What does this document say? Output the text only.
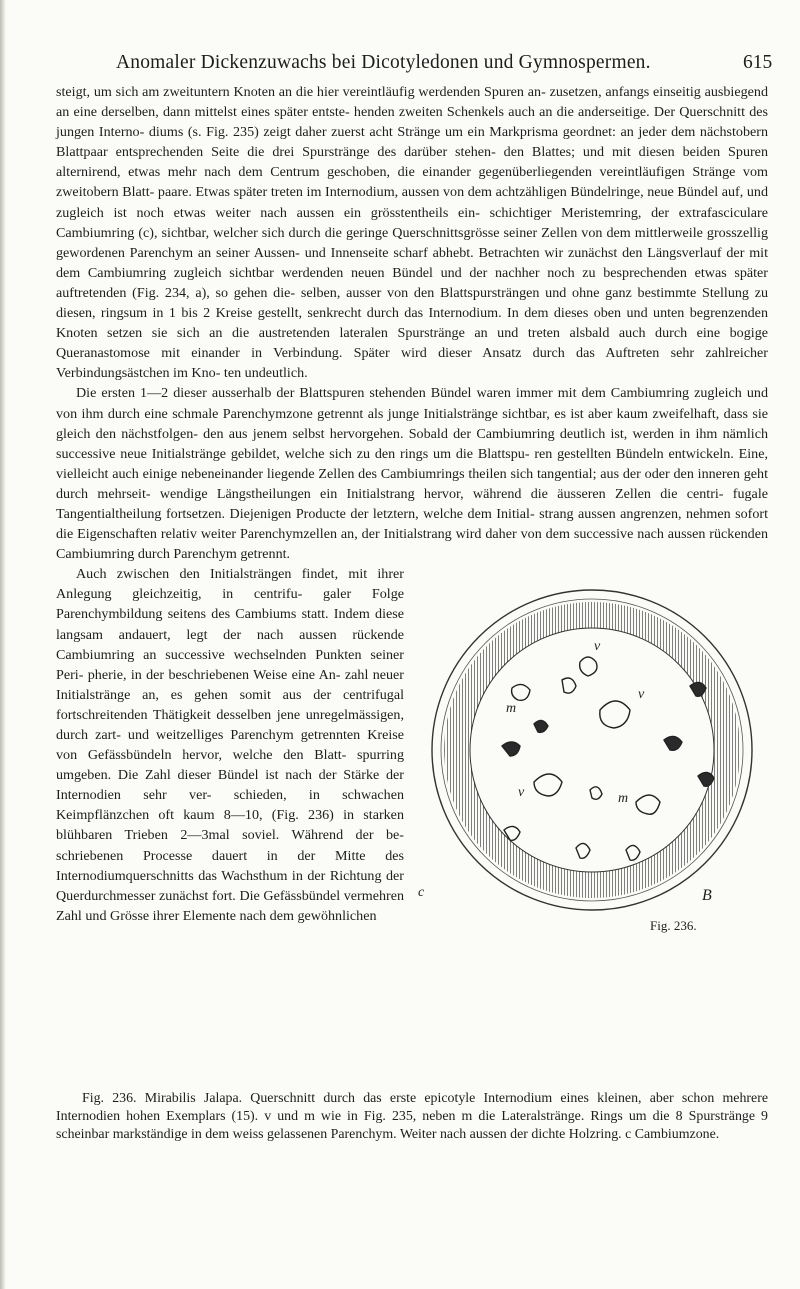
Anomaler Dickenzuwachs bei Dicotyledonen und Gymnospermen.	615

steigt, um sich am zweituntern Knoten an die hier vereintläufig werdenden Spuren an- zusetzen, anfangs einseitig ausbiegend an eine derselben, dann mittelst eines später entste- henden zweiten Schenkels auch an die anderseitige. Der Querschnitt des jungen Interno- diums (s. Fig. 235) zeigt daher zuerst acht Stränge um ein Markprisma geordnet: an jeder dem nächstobern Blattpaar entsprechenden Seite die drei Spurstränge des darüber stehen- den Blattes; und mit diesen beiden Spuren alternirend, etwas mehr nach dem Centrum geschoben, die einander gegenüberliegenden vereintläufigen Stränge vom zweitobern Blatt- paare. Etwas später treten im Internodium, aussen von dem achtzähligen Bündelringe, neue Bündel auf, und zugleich ist noch etwas weiter nach aussen ein grösstentheils ein- schichtiger Meristemring, der extrafasciculare Cambiumring (c), sichtbar, welcher sich durch die geringe Querschnittsgrösse seiner Zellen von dem mittlerweile grosszellig gewordenen Parenchym an seiner Aussen- und Innenseite scharf abhebt. Betrachten wir zunächst den Längsverlauf der mit dem Cambiumring zugleich sichtbar werdenden neuen Bündel und der nachher noch zu besprechenden etwas später auftretenden (Fig. 234, a), so gehen die- selben, ausser von den Blattspursträngen und ohne ganz bestimmte Stellung zu diesen, ringsum in 1 bis 2 Kreise gestellt, senkrecht durch das Internodium. In dem dieses oben und unten begrenzenden Knoten setzen sie sich an die austretenden lateralen Spurstränge an und treten alsbald auch durch eine bogige Queranastomose mit einander in Verbindung. Später wird dieser Ansatz durch das Auftreten sehr zahlreicher Verbindungsästchen im Kno- ten undeutlich.

Die ersten 1—2 dieser ausserhalb der Blattspuren stehenden Bündel waren immer mit dem Cambiumring zugleich und von ihm durch eine schmale Parenchymzone getrennt als junge Initialstränge sichtbar, es ist aber kaum zweifelhaft, dass sie gleich den nächstfolgen- den aus jenem selbst hervorgehen. Sobald der Cambiumring deutlich ist, werden in ihm nämlich successive neue Initialstränge gebildet, welche sich zu den rings um die Blattspu- ren gestellten Bündeln entwickeln. Eine, vielleicht auch einige nebeneinander liegende Zellen des Cambiumrings theilen sich tangential; aus der oder den inneren geht durch mehrseit- wendige Längstheilungen ein Initialstrang hervor, während die äusseren Zellen die centri- fugale Tangentialtheilung fortsetzen. Diejenigen Producte der letztern, welche dem Initial- strang aussen angrenzen, nehmen sofort die Eigenschaften relativ weiter Parenchymzellen an, der Initialstrang wird daher von dem successive nach aussen rückenden Cambiumring durch Parenchym getrennt.

v
m
v
v	m
c	B
Fig. 236.

Auch zwischen den Initialsträngen findet, mit ihrer Anlegung gleichzeitig, in centrifu- galer Folge Parenchymbildung seitens des Cambiums statt. Indem diese langsam andauert, legt der nach aussen rückende Cambiumring an successive wechselnden Punkten seiner Peri- pherie, in der beschriebenen Weise eine An- zahl neuer Initialstränge an, es gehen somit aus der centrifugal fortschreitenden Thätigkeit desselben jene unregelmässigen, durch zart- und weitzelliges Parenchym getrennten Kreise von Gefässbündeln hervor, welche den Blatt- spurring umgeben. Die Zahl dieser Bündel ist nach der Stärke der Internodien sehr ver- schieden, in schwachen Keimpflänzchen oft kaum 8—10, (Fig. 236) in starken blühbaren Trieben 2—3mal soviel. Während der be- schriebenen Processe dauert in der Mitte des Internodiumquerschnitts das Wachsthum in der Richtung der Querdurchmesser zunächst fort. Die Gefässbündel vermehren Zahl und Grösse ihrer Elemente nach dem gewöhnlichen

Fig. 236. Mirabilis Jalapa. Querschnitt durch das erste epicotyle Internodium eines kleinen, aber schon mehrere Internodien hohen Exemplars (15). v und m wie in Fig. 235, neben m die Lateralstränge. Rings um die 8 Spurstränge 9 scheinbar markständige in dem weiss gelassenen Parenchym. Weiter nach aussen der dichte Holzring. c Cambiumzone.
